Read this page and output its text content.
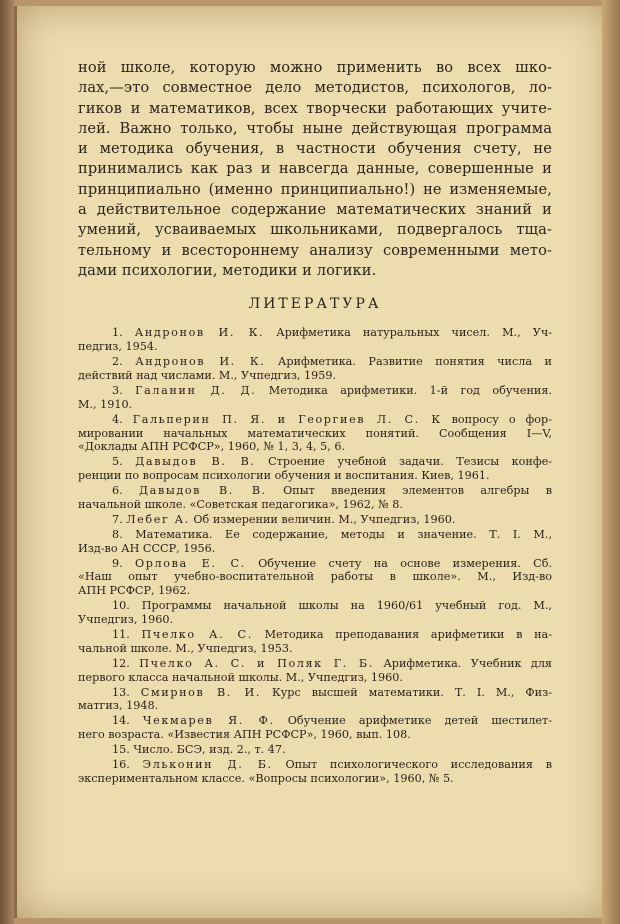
ной школе, которую можно применить во всех шко-
лах,—это совместное дело методистов, психологов, ло-
гиков и математиков, всех творчески работающих учите-
лей. Важно только, чтобы ныне действующая программа
и методика обучения, в частности обучения счету, не
принимались как раз и навсегда данные, совершенные и
принципиально (именно принципиально!) не изменяемые,
а действительное содержание математических знаний и
умений, усваиваемых школьниками, подвергалось тща-
тельному и всестороннему анализу современными мето-
дами психологии, методики и логики.
ЛИТЕРАТУРА
1. Андронов И. К. Арифметика натуральных чисел. М., Уч-
педгиз, 1954.
2. Андронов И. К. Арифметика. Развитие понятия числа и
действий над числами. М., Учпедгиз, 1959.
3. Галанин Д. Д. Методика арифметики. 1-й год обучения.
М., 1910.
4. Гальперин П. Я. и Георгиев Л. С. К вопросу о фор-
мировании начальных математических понятий. Сообщения I—V,
«Доклады АПН РСФСР», 1960, № 1, 3, 4, 5, 6.
5. Давыдов В. В. Строение учебной задачи. Тезисы конфе-
ренции по вопросам психологии обучения и воспитания. Киев, 1961.
6. Давыдов В. В. Опыт введения элементов алгебры в
начальной школе. «Советская педагогика», 1962, № 8.
7. Лебег А. Об измерении величин. М., Учпедгиз, 1960.
8. Математика. Ее содержание, методы и значение. Т. I. М.,
Изд-во АН СССР, 1956.
9. Орлова Е. С. Обучение счету на основе измерения. Сб.
«Наш опыт учебно-воспитательной работы в школе». М., Изд-во
АПН РСФСР, 1962.
10. Программы начальной школы на 1960/61 учебный год. М.,
Учпедгиз, 1960.
11. Пчелко А. С. Методика преподавания арифметики в на-
чальной школе. М., Учпедгиз, 1953.
12. Пчелко А. С. и Поляк Г. Б. Арифметика. Учебник для
первого класса начальной школы. М., Учпедгиз, 1960.
13. Смирнов В. И. Курс высшей математики. Т. I. М., Физ-
матгиз, 1948.
14. Чекмарев Я. Ф. Обучение арифметике детей шестилет-
него возраста. «Известия АПН РСФСР», 1960, вып. 108.
15. Число. БСЭ, изд. 2., т. 47.
16. Эльконин Д. Б. Опыт психологического исследования в
экспериментальном классе. «Вопросы психологии», 1960, № 5.
